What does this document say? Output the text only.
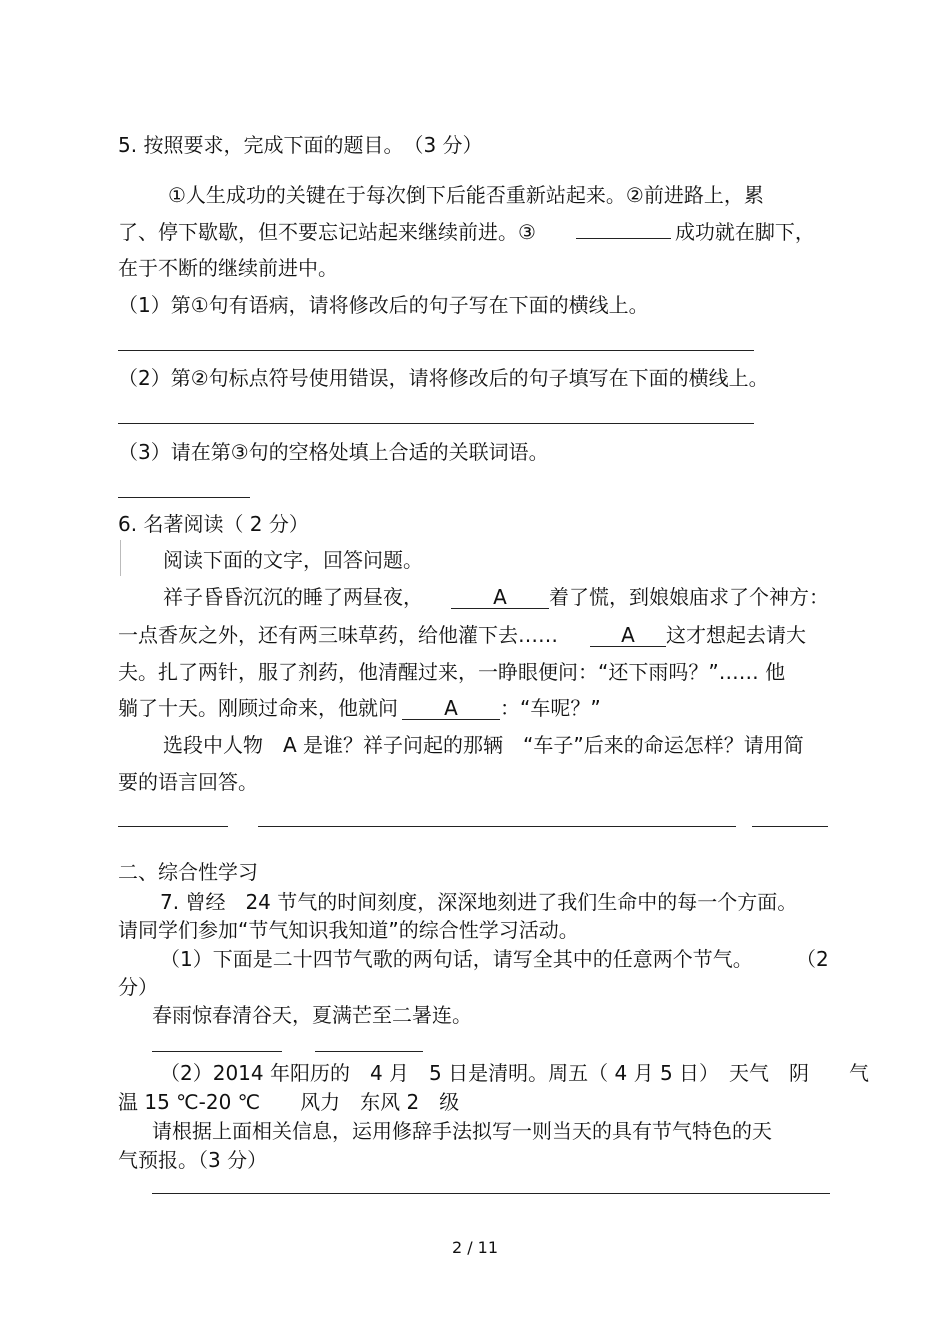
5. 按照要求，完成下面的题目。　（3 分）
①人生成功的关键在于每次倒下后能否重新站起来。②前进路上，累
了、停下歇歇，但不要忘记站起来继续前进。③	成功就在脚下，
在于不断的继续前进中。
（1）第①句有语病，请将修改后的句子写在下面的横线上。
（2）第②句标点符号使用错误，请将修改后的句子填写在下面的横线上。
（3）请在第③句的空格处填上合适的关联词语。
6. 名著阅读（ 2 分）
阅读下面的文字，回答问题。
祥子昏昏沉沉的睡了两昼夜，	A 着了慌，到娘娘庙求了个神方：
一点香灰之外，还有两三味草药，给他灌下去……	A 这才想起去请大
夫。扎了两针，服了剂药，他清醒过来，一睁眼便问：“还下雨吗？”…… 他
躺了十天。刚顾过命来，他就问 A ：“车呢？”
选段中人物　A 是谁？祥子问起的那辆　“车子”后来的命运怎样？请用简
要的语言回答。
二、综合性学习
7. 曾经　24 节气的时间刻度，深深地刻进了我们生命中的每一个方面。
请同学们参加“节气知识我知道”的综合性学习活动。
（1）下面是二十四节气歌的两句话，请写全其中的任意两个节气。 （2
分）
春雨惊春清谷天，夏满芒至二暑连。
（2）2014 年阳历的　4 月　5 日是清明。周五（ 4 月 5 日）　天气　阴　　气
温 15 ℃-20 ℃　　风力　东风 2　级
请根据上面相关信息，运用修辞手法拟写一则当天的具有节气特色的天
气预报。（3 分）
2 / 11
